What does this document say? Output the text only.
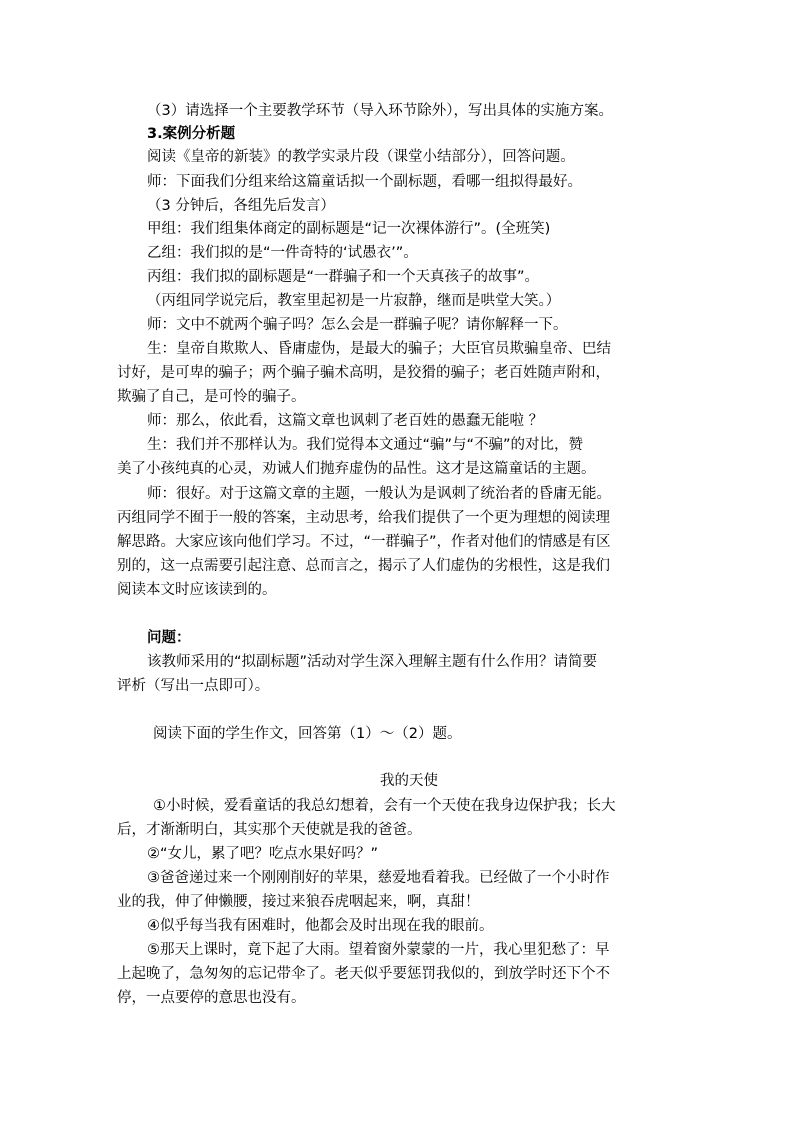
（3）请选择一个主要教学环节（导入环节除外），写出具体的实施方案。
3.案例分析题
阅读《皇帝的新装》的教学实录片段（课堂小结部分），回答问题。
师：下面我们分组来给这篇童话拟一个副标题，看哪一组拟得最好。
（3 分钟后，各组先后发言）
甲组：我们组集体商定的副标题是“记一次裸体游行”。(全班笑)
乙组：我们拟的是“一件奇特的‘试愚衣’”。
丙组：我们拟的副标题是“一群骗子和一个天真孩子的故事”。
（丙组同学说完后，教室里起初是一片寂静，继而是哄堂大笑。）
师：文中不就两个骗子吗？怎么会是一群骗子呢？请你解释一下。
生：皇帝自欺欺人、昏庸虚伪，是最大的骗子；大臣官员欺骗皇帝、巴结
讨好，是可卑的骗子；两个骗子骗术高明，是狡猾的骗子；老百姓随声附和，
欺骗了自己，是可怜的骗子。
师：那么，依此看，这篇文章也讽刺了老百姓的愚蠢无能啦 ？
生：我们并不那样认为。我们觉得本文通过“骗”与“不骗”的对比，赞
美了小孩纯真的心灵，劝诫人们抛弃虚伪的品性。这才是这篇童话的主题。
师：很好。对于这篇文章的主题，一般认为是讽刺了统治者的昏庸无能。
丙组同学不囿于一般的答案，主动思考，给我们提供了一个更为理想的阅读理
解思路。大家应该向他们学习。不过，“一群骗子”，作者对他们的情感是有区
别的，这一点需要引起注意、总而言之，揭示了人们虚伪的劣根性，这是我们
阅读本文时应该读到的。
问题：
该教师采用的“拟副标题”活动对学生深入理解主题有什么作用？请简要
评析（写出一点即可）。
阅读下面的学生作文，回答第（1）～（2）题。
我的天使
①小时候，爱看童话的我总幻想着，会有一个天使在我身边保护我；长大
后，才渐渐明白，其实那个天使就是我的爸爸。
②“女儿，累了吧？吃点水果好吗？”
③爸爸递过来一个刚刚削好的苹果，慈爱地看着我。已经做了一个小时作
业的我，伸了伸懒腰，接过来狼吞虎咽起来，啊，真甜！
④似乎每当我有困难时，他都会及时出现在我的眼前。
⑤那天上课时，竟下起了大雨。望着窗外蒙蒙的一片，我心里犯愁了：早
上起晚了，急匆匆的忘记带伞了。老天似乎要惩罚我似的，到放学时还下个不
停，一点要停的意思也没有。
